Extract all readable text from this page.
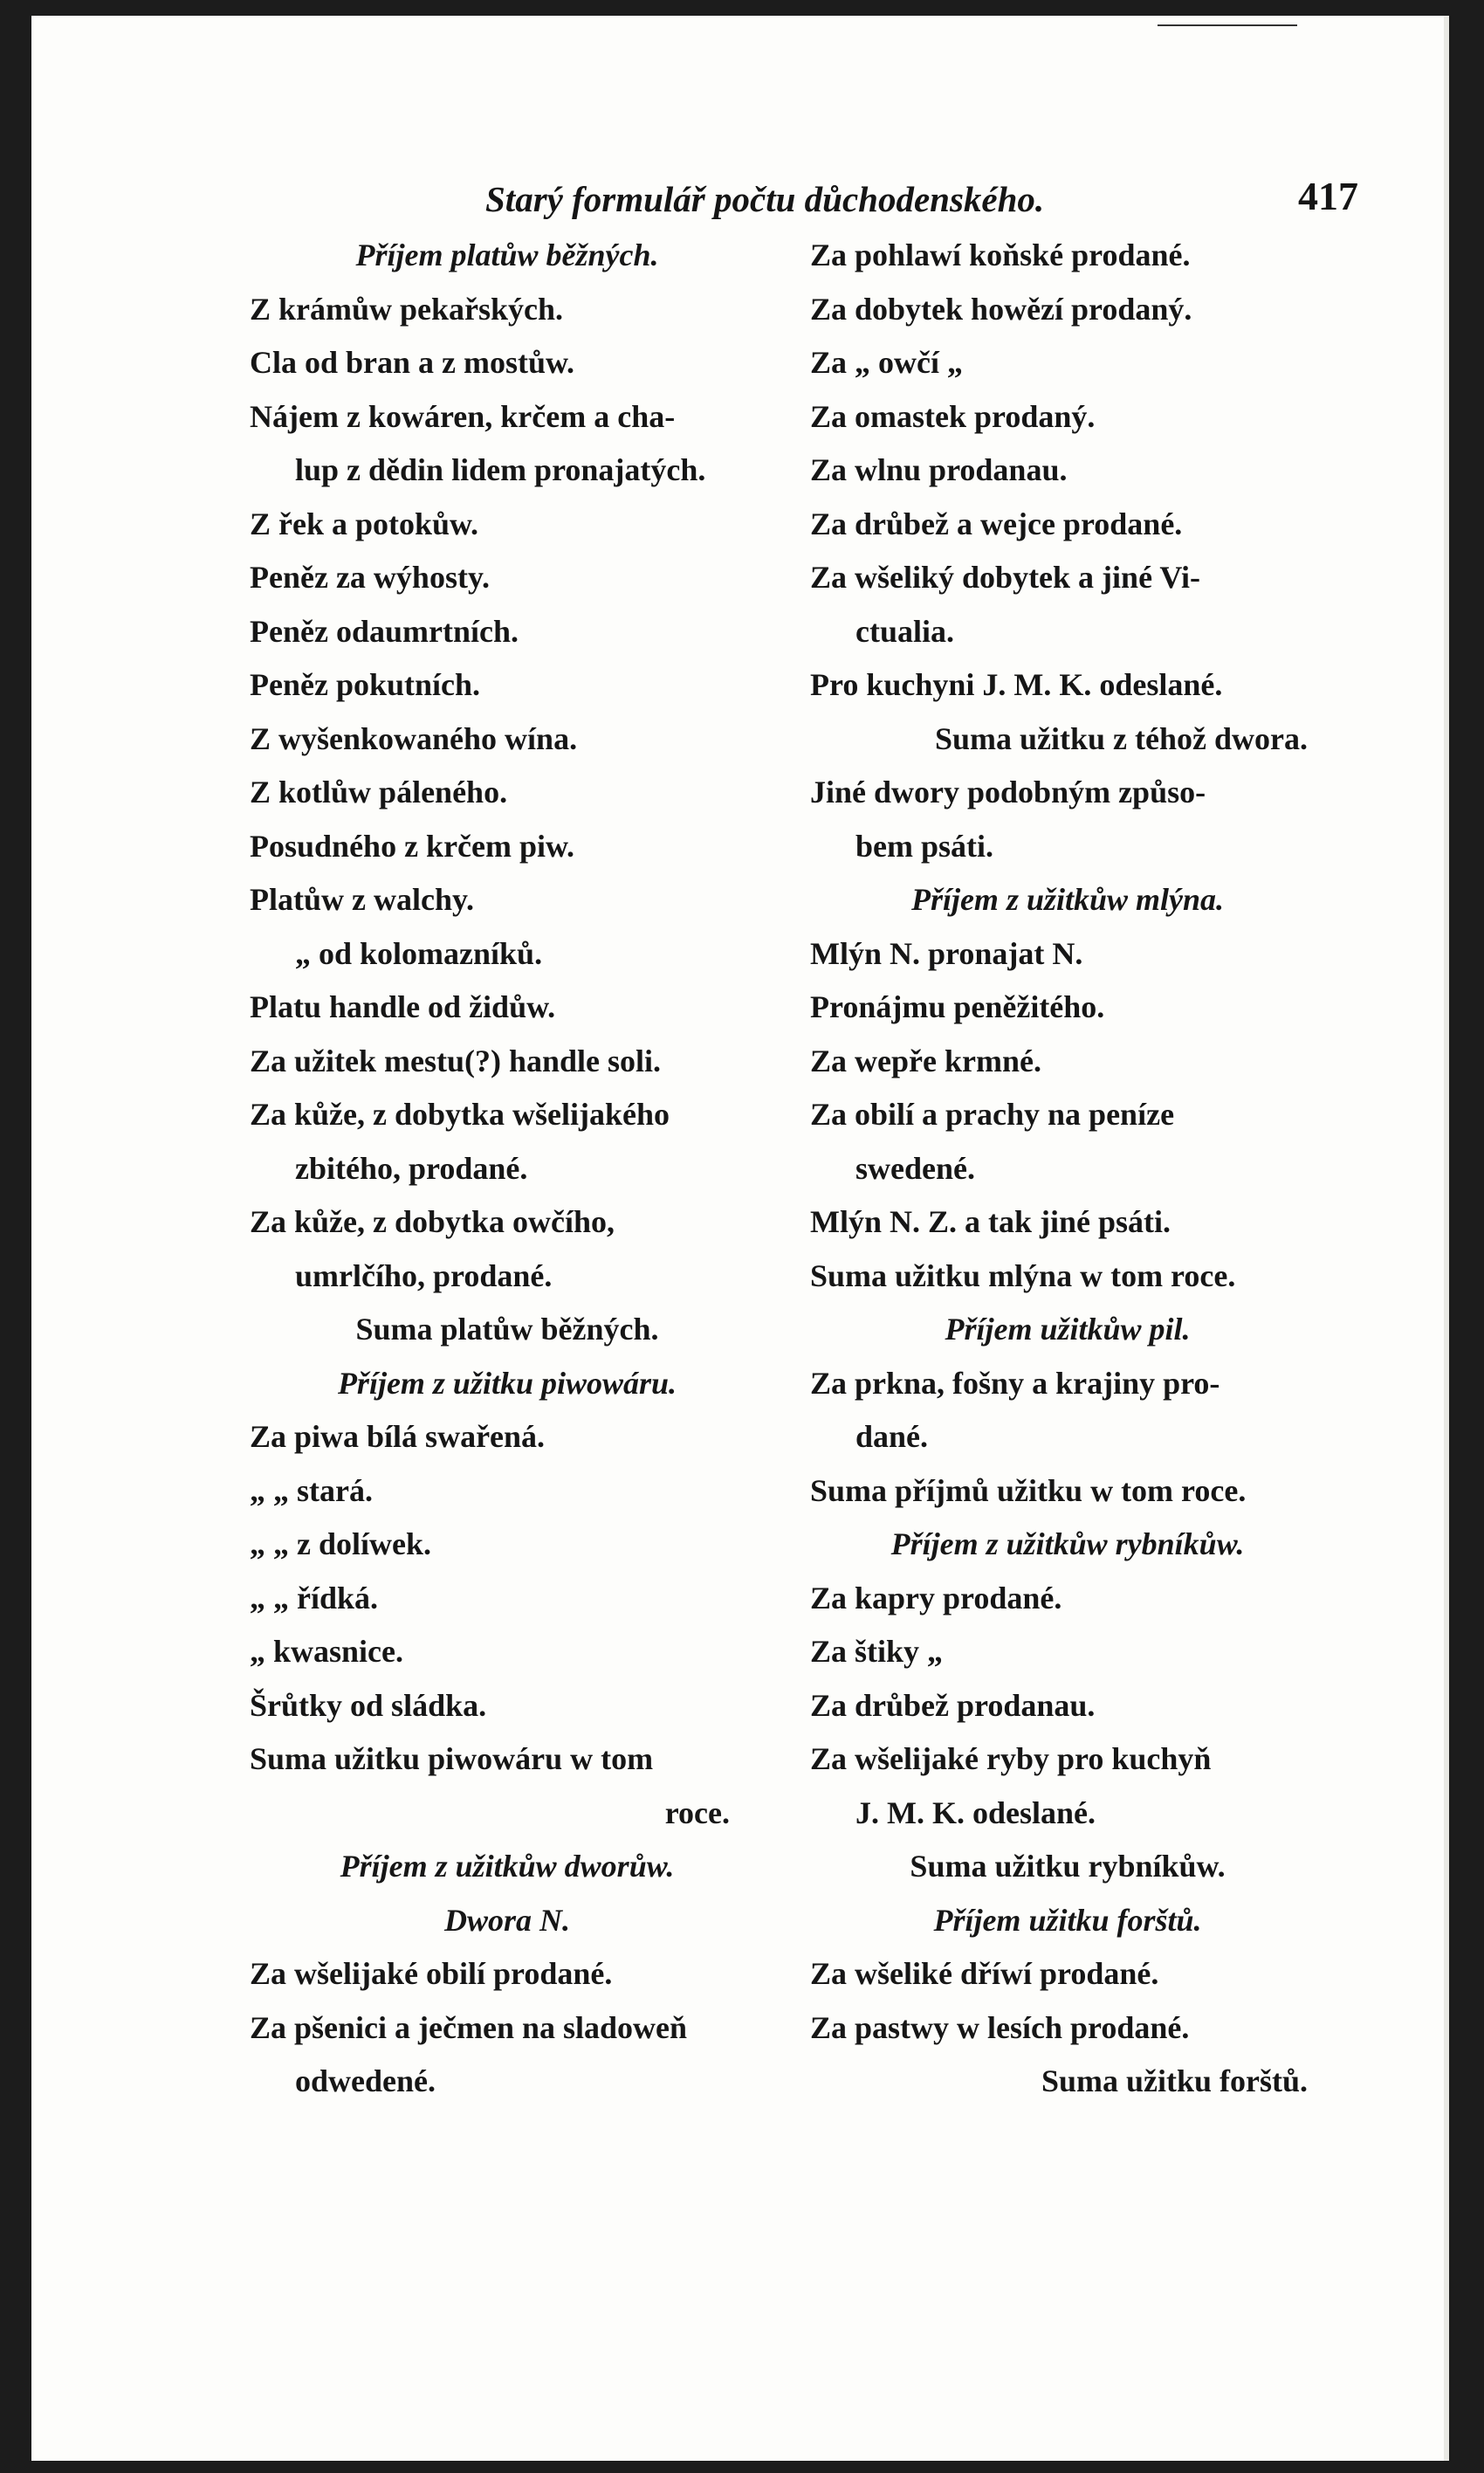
Starý formulář počtu důchodenského.	417
Příjem platůw běžných.
Z krámůw pekařských.
Cla od bran a z mostůw.
Nájem z kowáren, krčem a cha-
lup z dědin lidem pronajatých.
Z řek a potokůw.
Peněz za wýhosty.
Peněz odaumrtních.
Peněz pokutních.
Z wyšenkowaného wína.
Z kotlůw páleného.
Posudného z krčem piw.
Platůw z walchy.
„ od kolomazníků.
Platu handle od židůw.
Za užitek mestu(?) handle soli.
Za kůže, z dobytka wšelijakého
zbitého, prodané.
Za kůže, z dobytka owčího,
umrlčího, prodané.
Suma platůw běžných.
Příjem z užitku piwowáru.
Za piwa bílá swařená.
„ „ stará.
„ „ z dolíwek.
„ „ řídká.
„ kwasnice.
Šrůtky od sládka.
Suma užitku piwowáru w tom
roce.
Příjem z užitkůw dworůw.
Dwora N.
Za wšelijaké obilí prodané.
Za pšenici a ječmen na sladoweň
odwedené.
Za pohlawí koňské prodané.
Za dobytek howězí prodaný.
Za „ owčí „
Za omastek prodaný.
Za wlnu prodanau.
Za drůbež a wejce prodané.
Za wšeliký dobytek a jiné Vi-
ctualia.
Pro kuchyni J. M. K. odeslané.
Suma užitku z téhož dwora.
Jiné dwory podobným způso-
bem psáti.
Příjem z užitkůw mlýna.
Mlýn N. pronajat N.
Pronájmu peněžitého.
Za wepře krmné.
Za obilí a prachy na peníze
swedené.
Mlýn N. Z. a tak jiné psáti.
Suma užitku mlýna w tom roce.
Příjem užitkůw pil.
Za prkna, fošny a krajiny pro-
dané.
Suma příjmů užitku w tom roce.
Příjem z užitkůw rybníkůw.
Za kapry prodané.
Za štiky „
Za drůbež prodanau.
Za wšelijaké ryby pro kuchyň
J. M. K. odeslané.
Suma užitku rybníkůw.
Příjem užitku forštů.
Za wšeliké dříwí prodané.
Za pastwy w lesích prodané.
Suma užitku forštů.
